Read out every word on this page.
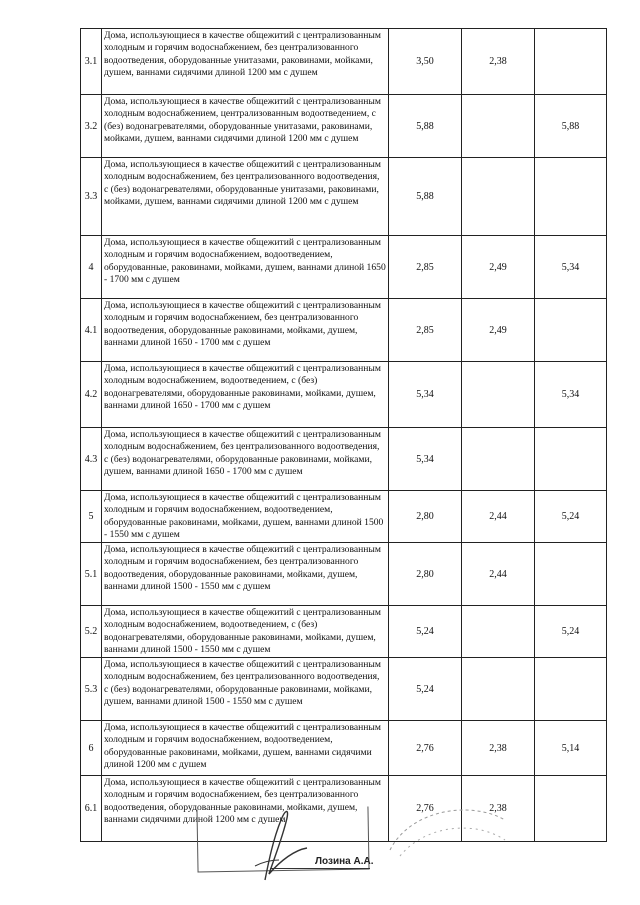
3.1	Дома, использующиеся в качестве общежитий с централизованным холодным и горячим водоснабжением, без централизованного водоотведения, оборудованные унитазами, раковинами, мойками, душем, ваннами сидячими длиной 1200 мм с душем	3,50	2,38	
3.2	Дома, использующиеся в качестве общежитий с централизованным холодным водоснабжением, централизованным водоотведением, с (без) водонагревателями, оборудованные унитазами, раковинами, мойками, душем, ваннами сидячими длиной 1200 мм с душем	5,88		5,88
3.3	Дома, использующиеся в качестве общежитий с централизованным холодным водоснабжением, без централизованного водоотведения, с (без) водонагревателями, оборудованные унитазами, раковинами, мойками, душем, ваннами сидячими длиной 1200 мм с душем	5,88		
4	Дома, использующиеся в качестве общежитий с централизованным холодным и горячим водоснабжением, водоотведением, оборудованные, раковинами, мойками, душем, ваннами длиной 1650 - 1700 мм с душем	2,85	2,49	5,34
4.1	Дома, использующиеся в качестве общежитий с централизованным холодным и горячим водоснабжением, без централизованного водоотведения, оборудованные раковинами, мойками, душем, ваннами длиной 1650 - 1700 мм с душем	2,85	2,49	
4.2	Дома, использующиеся в качестве общежитий с централизованным холодным водоснабжением, водоотведением, с (без) водонагревателями, оборудованные раковинами, мойками, душем, ваннами длиной 1650 - 1700 мм с душем	5,34		5,34
4.3	Дома, использующиеся в качестве общежитий с централизованным холодным водоснабжением, без централизованного водоотведения, с (без) водонагревателями, оборудованные раковинами, мойками, душем, ваннами длиной 1650 - 1700 мм с душем	5,34		
5	Дома, использующиеся в качестве общежитий с централизованным холодным и горячим водоснабжением, водоотведением, оборудованные раковинами, мойками, душем, ваннами длиной 1500 - 1550 мм с душем	2,80	2,44	5,24
5.1	Дома, использующиеся в качестве общежитий с централизованным холодным и горячим водоснабжением, без централизованного водоотведения, оборудованные раковинами, мойками, душем, ваннами длиной 1500 - 1550 мм с душем	2,80	2,44	
5.2	Дома, использующиеся в качестве общежитий с централизованным холодным водоснабжением, водоотведением, с (без) водонагревателями, оборудованные раковинами, мойками, душем, ваннами длиной 1500 - 1550 мм с душем	5,24		5,24
5.3	Дома, использующиеся в качестве общежитий с централизованным холодным водоснабжением, без централизованного водоотведения, с (без) водонагревателями, оборудованные раковинами, мойками, душем, ваннами длиной 1500 - 1550 мм с душем	5,24		
6	Дома, использующиеся в качестве общежитий с централизованным холодным и горячим водоснабжением, водоотведением, оборудованные раковинами, мойками, душем, ваннами сидячими длиной 1200 мм с душем	2,76	2,38	5,14
6.1	Дома, использующиеся в качестве общежитий с централизованным холодным и горячим водоснабжением, без централизованного водоотведения, оборудованные раковинами, мойками, душем, ваннами сидячими длиной 1200 мм с душем	2,76	2,38	
Лозина А.А.
